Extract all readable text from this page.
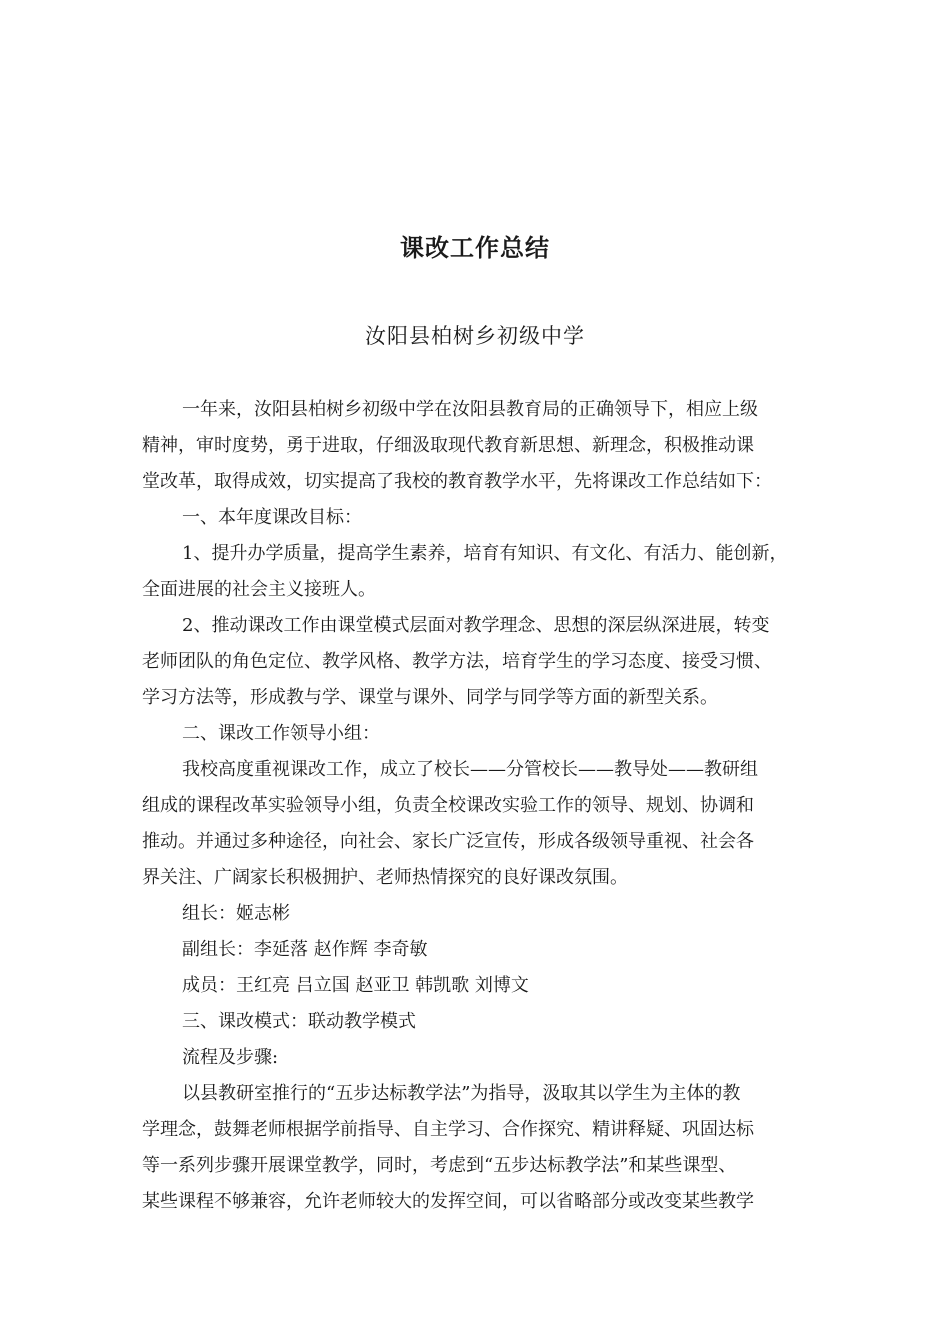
课改工作总结
汝阳县柏树乡初级中学
一年来，汝阳县柏树乡初级中学在汝阳县教育局的正确领导下，相应上级
精神，审时度势，勇于进取，仔细汲取现代教育新思想、新理念，积极推动课
堂改革，取得成效，切实提高了我校的教育教学水平，先将课改工作总结如下：
一、本年度课改目标：
1、提升办学质量，提高学生素养，培育有知识、有文化、有活力、能创新，
全面进展的社会主义接班人。
2、推动课改工作由课堂模式层面对教学理念、思想的深层纵深进展，转变
老师团队的角色定位、教学风格、教学方法，培育学生的学习态度、接受习惯、
学习方法等，形成教与学、课堂与课外、同学与同学等方面的新型关系。
二、课改工作领导小组：
我校高度重视课改工作，成立了校长——分管校长——教导处——教研组
组成的课程改革实验领导小组，负责全校课改实验工作的领导、规划、协调和
推动。并通过多种途径，向社会、家长广泛宣传，形成各级领导重视、社会各
界关注、广阔家长积极拥护、老师热情探究的良好课改氛围。
组长：姬志彬
副组长：李延落 赵作辉 李奇敏
成员：王红亮 吕立国 赵亚卫 韩凯歌 刘博文
三、课改模式：联动教学模式
流程及步骤:
以县教研室推行的“五步达标教学法”为指导，汲取其以学生为主体的教
学理念，鼓舞老师根据学前指导、自主学习、合作探究、精讲释疑、巩固达标
等一系列步骤开展课堂教学，同时，考虑到“五步达标教学法”和某些课型、
某些课程不够兼容，允许老师较大的发挥空间，可以省略部分或改变某些教学
